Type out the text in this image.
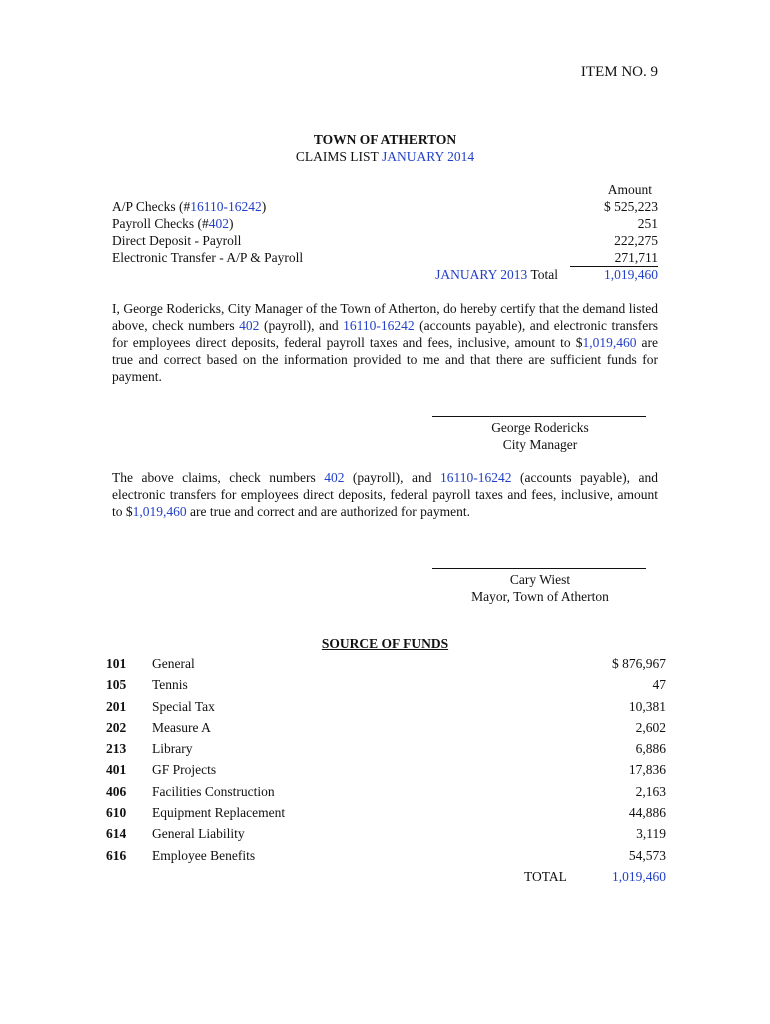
ITEM NO. 9
TOWN OF ATHERTON
CLAIMS LIST JANUARY 2014
Amount
A/P Checks (#16110-16242)	$ 525,223
Payroll Checks (#402)	251
Direct Deposit - Payroll	222,275
Electronic Transfer - A/P & Payroll	271,711
JANUARY 2013 Total	1,019,460
I, George Rodericks, City Manager of the Town of Atherton, do hereby certify that the demand listed above, check numbers 402 (payroll), and 16110-16242 (accounts payable), and electronic transfers for employees direct deposits, federal payroll taxes and fees, inclusive, amount to $1,019,460 are true and correct based on the information provided to me and that there are sufficient funds for payment.
George Rodericks
City Manager
The above claims, check numbers 402 (payroll), and 16110-16242 (accounts payable), and electronic transfers for employees direct deposits, federal payroll taxes and fees, inclusive, amount to $1,019,460 are true and correct and are authorized for payment.
Cary Wiest
Mayor, Town of Atherton
SOURCE OF FUNDS
101 General	$ 876,967
105 Tennis	47
201 Special Tax	10,381
202 Measure A	2,602
213 Library	6,886
401 GF Projects	17,836
406 Facilities Construction	2,163
610 Equipment Replacement	44,886
614 General Liability	3,119
616 Employee Benefits	54,573
TOTAL	1,019,460
